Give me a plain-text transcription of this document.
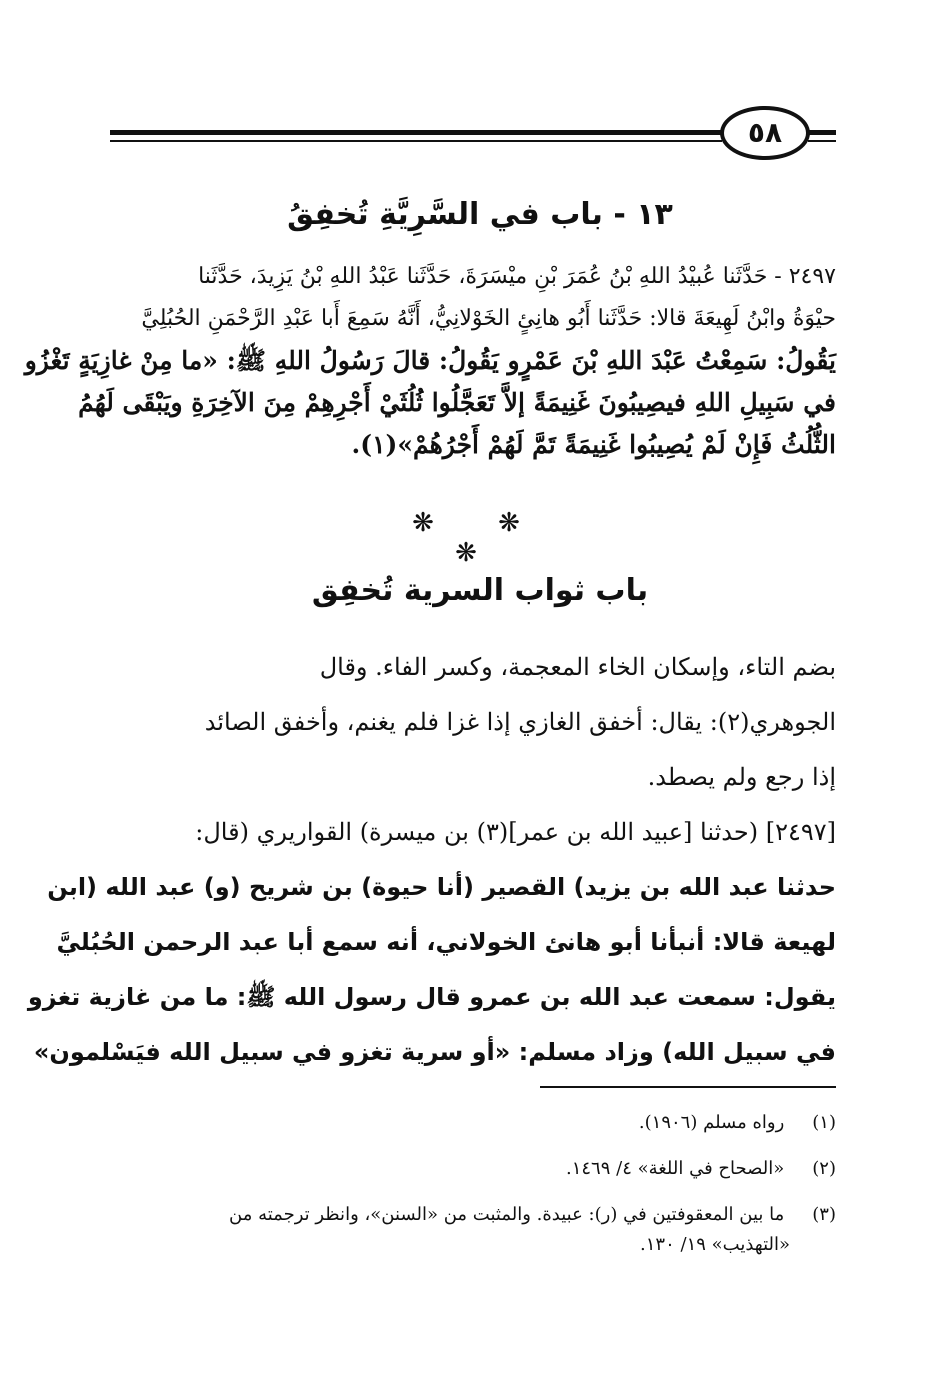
٥٨
١٣ - باب في السَّرِيَّةِ تُخفِقُ
٢٤٩٧ - حَدَّثَنا عُبيْدُ اللهِ بْنُ عُمَرَ بْنِ ميْسَرَةَ، حَدَّثَنا عَبْدُ اللهِ بْنُ يَزِيدَ، حَدَّثَنا
حيْوَةُ وابْنُ لَهِيعَةَ قالا: حَدَّثَنا أَبُو هانِئٍ الخَوْلانِيُّ، أَنَّهُ سَمِعَ أَبا عَبْدِ الرَّحْمَنِ الحُبُلِيَّ
يَقُولُ: سَمِعْتُ عَبْدَ اللهِ بْنَ عَمْرٍو يَقُولُ: قالَ رَسُولُ اللهِ ﷺ: «ما مِنْ غازِيَةٍ تَغْزُو
في سَبِيلِ اللهِ فيصِيبُونَ غَنِيمَةً إلاَّ تَعَجَّلُوا ثُلُثَيْ أَجْرِهِمْ مِنَ الآخِرَةِ ويَبْقَى لَهُمُ
الثُّلُثُ فَإِنْ لَمْ يُصِيبُوا غَنِيمَةً تَمَّ لَهُمْ أَجْرُهُمْ»(١).
❋ ❋ ❋
باب ثواب السرية تُخفِق
بضم التاء، وإسكان الخاء المعجمة، وكسر الفاء. وقال
الجوهري(٢): يقال: أخفق الغازي إذا غزا فلم يغنم، وأخفق الصائد
إذا رجع ولم يصطد.
[٢٤٩٧] (حدثنا [عبيد الله بن عمر](٣) بن ميسرة) القواريري (قال:
حدثنا عبد الله بن يزيد) القصير (أنا حيوة) بن شريح (و) عبد الله (ابن
لهيعة قالا: أنبأنا أبو هانئ الخولاني، أنه سمع أبا عبد الرحمن الحُبُليَّ
يقول: سمعت عبد الله بن عمرو قال رسول الله ﷺ: ما من غازية تغزو
في سبيل الله) وزاد مسلم: «أو سرية تغزو في سبيل الله فيَسْلمون»
(١) رواه مسلم (١٩٠٦).
(٢) «الصحاح في اللغة» ٤/ ١٤٦٩.
(٣) ما بين المعقوفتين في (ر): عبيدة. والمثبت من «السنن»، وانظر ترجمته من
«التهذيب» ١٩/ ١٣٠.
